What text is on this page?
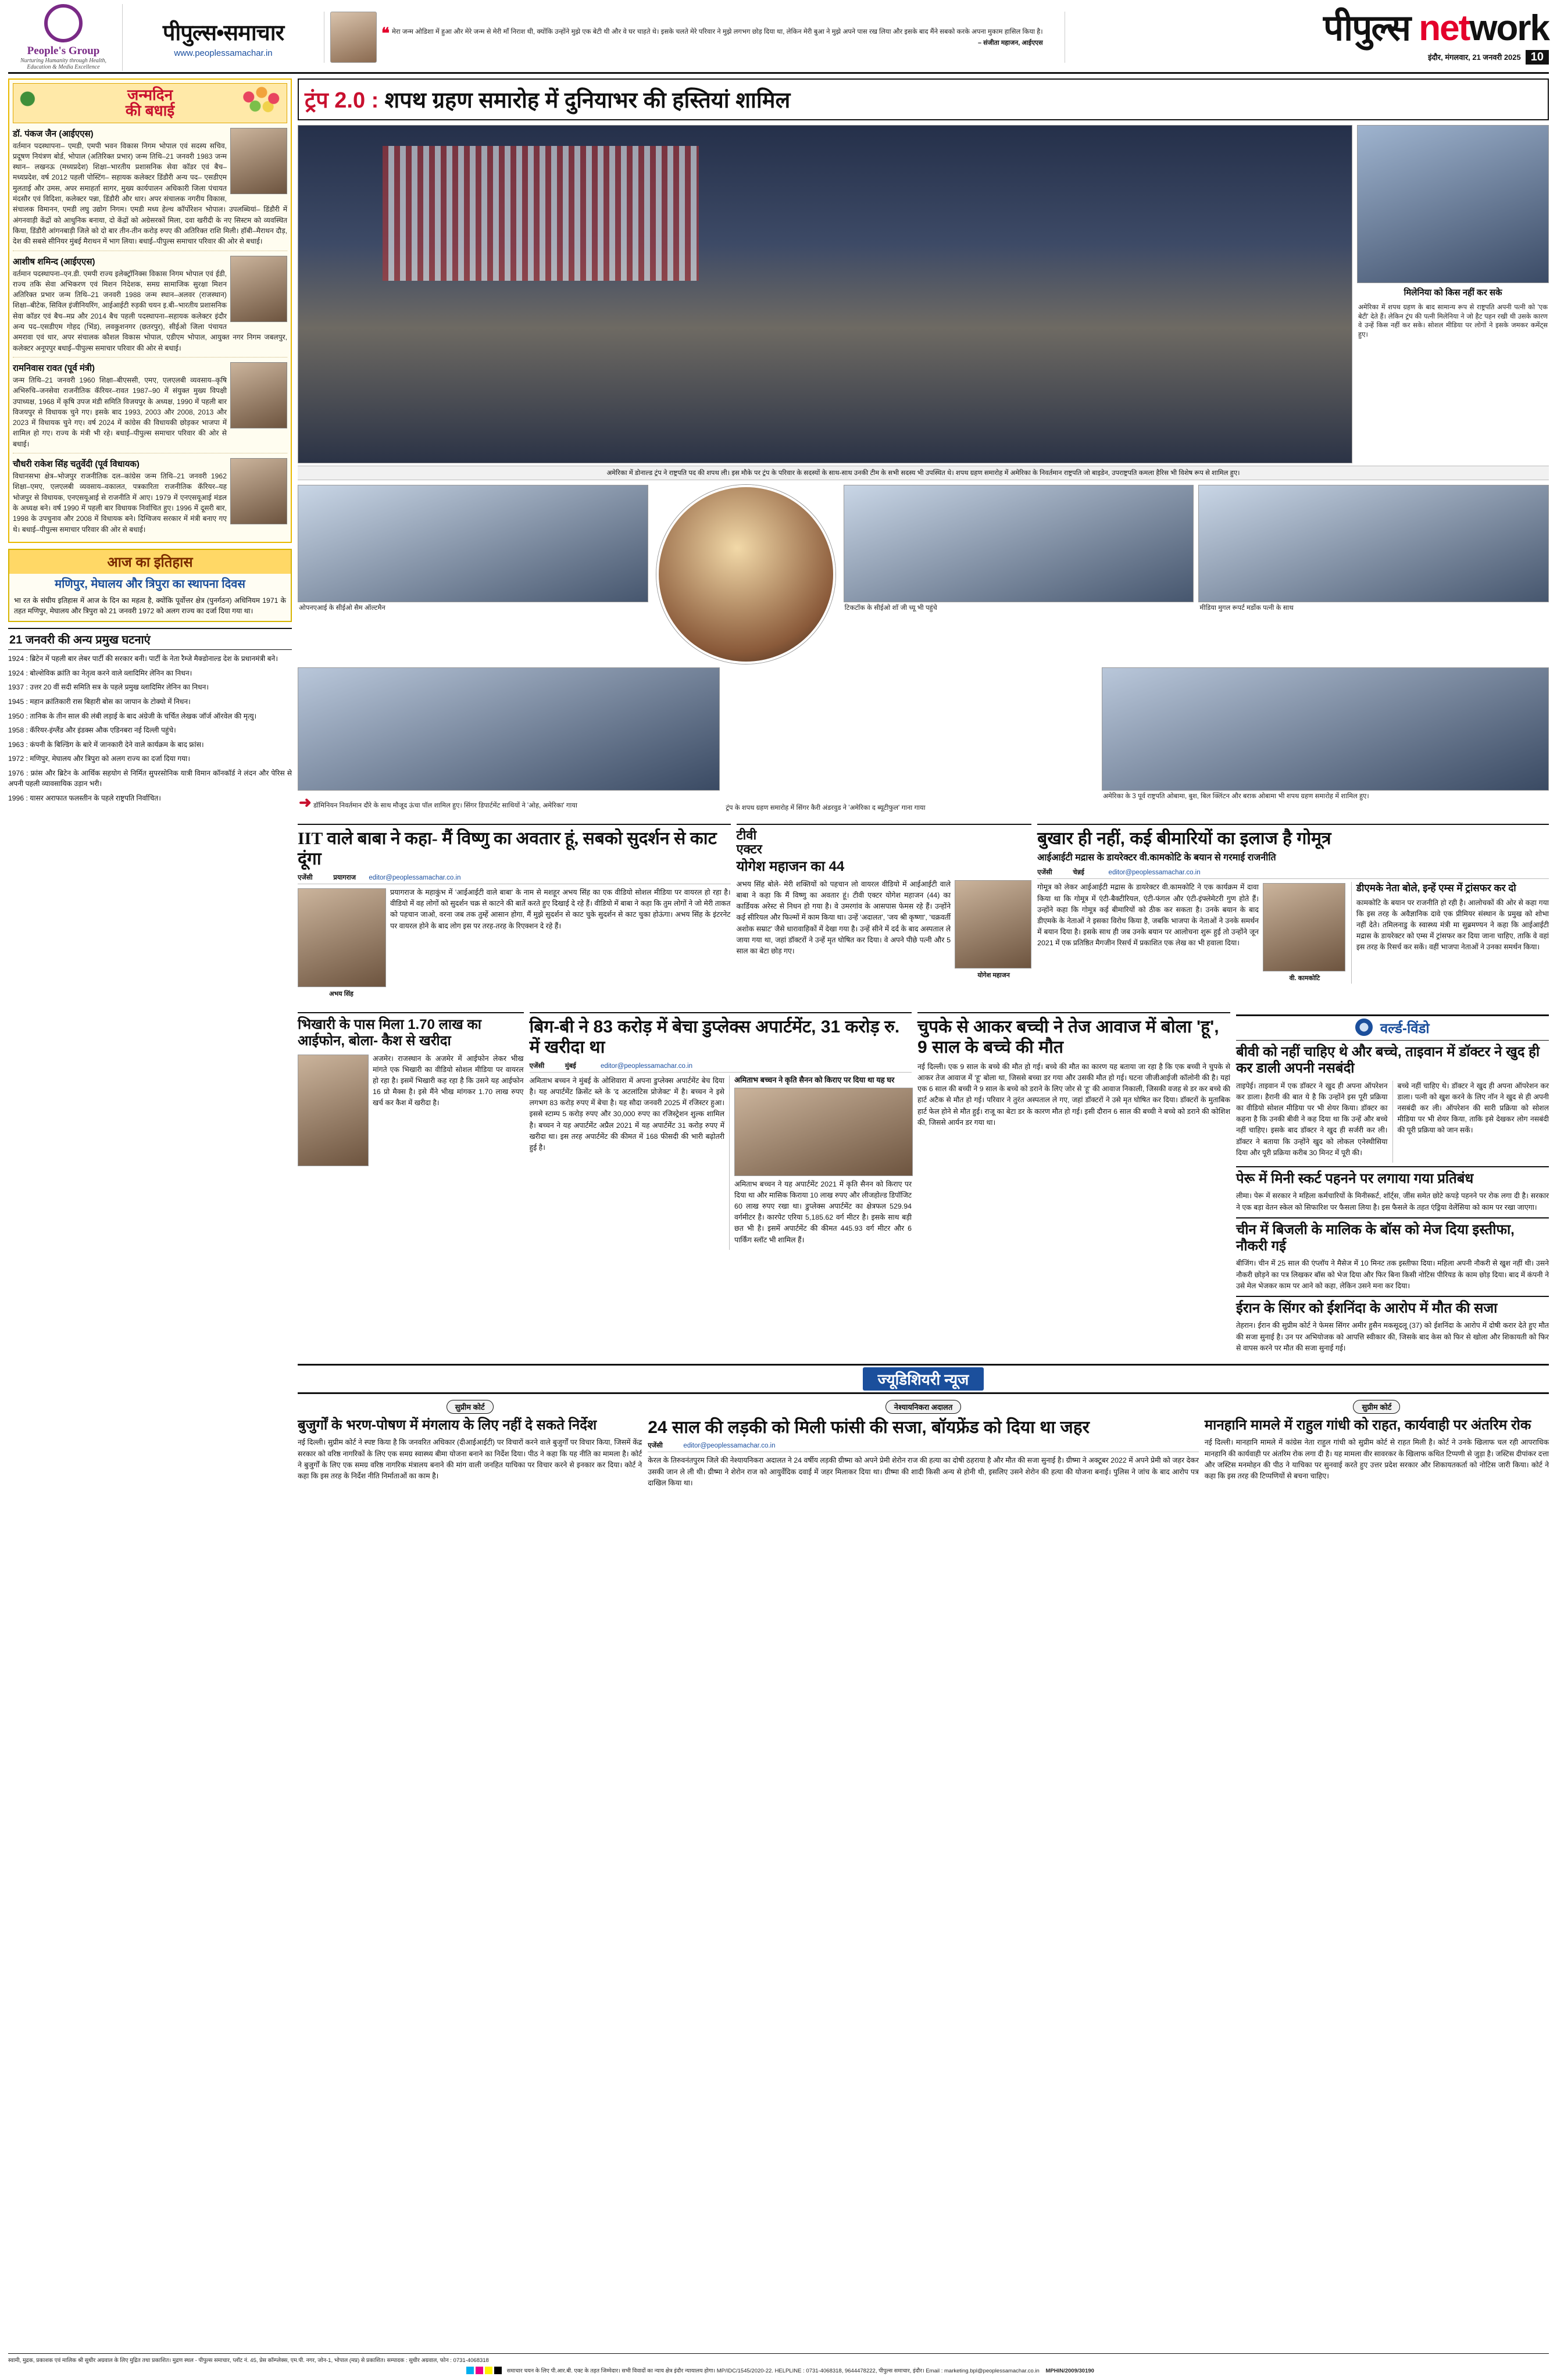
People's Group
Nurturing Humanity through Health, Education & Media Excellence
पीपुल्स•समाचार
www.peoplessamachar.in
❝ मेरा जन्म ओडिशा में हुआ और मेरे जन्म से मेरी माँ निराश थी, क्योंकि उन्होंने मुझे एक बेटी थी और वे घर चाहते थे। इसके चलते मेरे परिवार ने मुझे लगभग छोड़ दिया था, लेकिन मेरी बुआ ने मुझे अपने पास रख लिया और इसके बाद मैंने सबको करके अपना मुकाम हासिल किया है।
– संजीता महाजन, आईएएस	पीपुल्स network
इंदौर, मंगलवार, 21 जनवरी 2025 10
जन्मदिन
की बधाई
डॉ. पंकज जैन (आईएएस)
वर्तमान पदस्थापना– एमडी, एमपी भवन विकास निगम भोपाल एवं सदस्य सचिव, प्रदूषण नियंत्रण बोर्ड, भोपाल (अतिरिक्त प्रभार) जन्म तिथि–21 जनवरी 1983 जन्म स्थान– लखनऊ (मध्यप्रदेश) शिक्षा–भारतीय प्रशासनिक सेवा कॉडर एवं बैच–मध्यप्रदेश, वर्ष 2012 पहली पोस्टिंग– सहायक कलेक्टर डिंडौरी अन्य पद– एसडीएम मुलताई और उमस, अपर समाहर्ता सागर, मुख्य कार्यपालन अधिकारी जिला पंचायत मंदसौर एवं विदिशा, कलेक्टर पन्ना, डिंडौरी और धार। अपर संचालक नगरीय विकास, संचालक विमानन, एमडी लघु उद्योग निगम। एमडी मध्य हेल्थ कॉर्पोरेशन भोपाल। उपलब्धियां– डिंडौरी में अंगनवाड़ी केंद्रों को आधुनिक बनाया, दो केंद्रों को अग्रेसरकों मिला, दवा खरीदी के नए सिस्टम को व्यवस्थित किया, डिंडौरी आंगनबाड़ी जिले को दो बार तीन-तीन करोड़ रुपए की अतिरिक्त राशि मिली। हॉबी–मैराथन दौड़, देश की सबसे सीनियर मुंबई मैराथन में भाग लिया। बधाई–पीपुल्स समाचार परिवार की ओर से बधाई।
आशीष शमिन्द (आईएएस)
वर्तमान पदस्थापना–एन.डी. एमपी राज्य इलेक्ट्रॉनिक्स विकास निगम भोपाल एवं ईडी, राज्य तकि सेवा अभिकरण एवं मिशन निदेशक, समग्र सामाजिक सुरक्षा मिशन अतिरिक्त प्रभार जन्म तिथि–21 जनवरी 1988 जन्म स्थान–अलवर (राजस्थान) शिक्षा–बीटेक, सिविल इंजीनियरिंग, आईआईटी रुड़की चयन इ.बी–भारतीय प्रशासनिक सेवा कॉडर एवं बैच–मप्र और 2014 बैच पहली पदस्थापना–सहायक कलेक्टर इंदौर अन्य पद–एसडीएम गोहद (भिंड), लवकुशनगर (छतरपुर), सीईओ जिला पंचायत अमरावा एवं धार, अपर संचालक कौशल विकास भोपाल, एडीएम भोपाल, आयुक्त नगर निगम जबलपुर, कलेक्टर अनूपपुर बधाई–पीपुल्स समाचार परिवार की ओर से बधाई।
रामनिवास रावत (पूर्व मंत्री)
जन्म तिथि–21 जनवरी 1960 शिक्षा–बीएससी, एमए, एलएलबी व्यवसाय–कृषि अभिरुचि–जनसेवा राजनीतिक कॅरियर–रावत 1987–90 में संयुक्त मुख्य विपक्षी उपाध्यक्ष, 1968 में कृषि उपज मंडी समिति विजयपुर के अध्यक्ष, 1990 में पहली बार विजयपुर से विधायक चुने गए। इसके बाद 1993, 2003 और 2008, 2013 और 2023 में विधायक चुने गए। वर्ष 2024 में कांग्रेस की विधायकी छोड़कर भाजपा में शामिल हो गए। राज्य के मंत्री भी रहे। बधाई–पीपुल्स समाचार परिवार की ओर से बधाई।
चौधरी राकेश सिंह चतुर्वेदी (पूर्व विधायक)
विधानसभा क्षेत्र–भोजपुर राजनीतिक दल–कांग्रेस जन्म तिथि–21 जनवरी 1962 शिक्षा–एमए, एलएलबी व्यवसाय–वकालत, पत्रकारिता राजनीतिक कॅरियर–यह भोजपुर से विधायक, एनएसयूआई से राजनीति में आए। 1979 में एनएसयूआई मंडल के अध्यक्ष बने। वर्ष 1990 में पहली बार विधायक निर्वाचित हुए। 1996 में दूसरी बार, 1998 के उपचुनाव और 2008 में विधायक बने। दिग्विजय सरकार में मंत्री बनाए गए थे। बधाई–पीपुल्स समाचार परिवार की ओर से बधाई।
आज का इतिहास
मणिपुर, मेघालय और त्रिपुरा का स्थापना दिवस
भा रत के संघीय इतिहास में आज के दिन का महत्व है, क्योंकि पूर्वोत्तर क्षेत्र (पुनर्गठन) अधिनियम 1971 के तहत मणिपुर, मेघालय और त्रिपुरा को 21 जनवरी 1972 को अलग राज्य का दर्जा दिया गया था।
21 जनवरी की अन्य प्रमुख घटनाएं

1924 : ब्रिटेन में पहली बार लेबर पार्टी की सरकार बनी। पार्टी के नेता रैम्जे मैक्डोनाल्ड देश के प्रधानमंत्री बने।

1924 : बोल्शेविक क्रांति का नेतृत्व करने वाले व्लादिमिर लेनिन का निधन।

1937 : उत्तर 20 वीं सदी समिति सत्र के पहले प्रमुख व्लादिमिर लेनिन का निधन।

1945 : महान क्रांतिकारी रास बिहारी बोस का जापान के टोक्यो में निधन।

1950 : तानिक के तीन साल की लंबी लड़ाई के बाद अंग्रेजी के चर्चित लेखक जॉर्ज ऑरवेल की मृत्यु।

1958 : कॅरियर-इंग्लैंड और इंडक्स औक एडिनबरा नई दिल्ली पहुंचे।

1963 : कंपनी के बिल्डिंग के बारे में जानकारी देने वाले कार्यक्रम के बाद फ्रांस।

1972 : मणिपुर, मेघालय और त्रिपुरा को अलग राज्य का दर्जा दिया गया।

1976 : फ्रांस और ब्रिटेन के आर्थिक सहयोग से निर्मित सुपरसोनिक यात्री विमान कॉनकॉर्ड ने लंदन और पेरिस से अपनी पहली व्यावसायिक उड़ान भरी।

1996 : यासर अराफात फलस्तीन के पहले राष्ट्रपति निर्वाचित।

ट्रंप 2.0 : शपथ ग्रहण समारोह में दुनियाभर की हस्तियां शामिल
मिलेनिया को किस नहीं कर सके
अमेरिका में शपथ ग्रहण के बाद सामान्य रूप से राष्ट्रपति अपनी पत्नी को 'एक बेटी' देते हैं। लेकिन ट्रंप की पत्नी मिलेनिया ने जो हैट पहन रखी थी उसके कारण वे उन्हें किस नहीं कर सके। सोशल मीडिया पर लोगों ने इसके जमकर कमेंट्स हुए।
अमेरिका में डोनाल्ड ट्रंप ने राष्ट्रपति पद की शपथ ली। इस मौके पर ट्रंप के परिवार के सदस्यों के साथ-साथ उनकी टीम के सभी सदस्य भी उपस्थित थे। शपथ ग्रहण समारोह में अमेरिका के निवर्तमान राष्ट्रपति जो बाइडेन, उपराष्ट्रपति कमला हैरिस भी विशेष रूप से शामिल हुए।
ओपनएआई के सीईओ सैम ऑल्टमैन	टिकटॉक के सीईओ शॉ जी च्यू भी पहुंचे	मीडिया मुगल रूपर्ट मर्डोक पत्नी के साथ
➜ डॉमिनियन निवर्तमान दौरे के साथ मौजूद ऊंचा पॉल शामिल हुए। सिंगर डिपार्टमेंट साथियों ने 'ओह, अमेरिका' गाया	ट्रंप के शपथ ग्रहण समारोह में सिंगर कैरी अंडरवुड ने 'अमेरिका द ब्यूटीफुल' गाना गाया
अमेरिका के 3 पूर्व राष्ट्रपति ओबामा, बुश, बिल क्लिंटन और बराक ओबामा भी शपथ ग्रहण समारोह में शामिल हुए।
IIT वाले बाबा ने कहा- मैं विष्णु का अवतार हूं, सबको सुदर्शन से काट दूंगा
एजेंसी	प्रयागराज editor@peoplessamachar.co.in
अभय सिंह

प्रयागराज के महाकुंभ में 'आईआईटी वाले बाबा' के नाम से मशहूर अभय सिंह का एक वीडियो सोशल मीडिया पर वायरल हो रहा है। वीडियो में वह लोगों को सुदर्शन चक्र से काटने की बातें करते हुए दिखाई दे रहे हैं। वीडियो में बाबा ने कहा कि तुम लोगों ने जो मेरी ताकत को पहचान जाओ, वरना जब तक तुम्हें आसान होगा, मैं मुझे सुदर्शन से काट चुके सुदर्शन से काट चुका होऊंगा। अभय सिंह के इंटरनेट पर वायरल होने के बाद लोग इस पर तरह-तरह के रिएक्शन दे रहे हैं।

टीवी
एक्टर
योगेश महाजन का 44
योगेश महाजन

अभय सिंह बोले- मेरी शक्तियों को पहचान लो वायरल वीडियो में आईआईटी वाले बाबा ने कहा कि मैं विष्णु का अवतार हूं। टीवी एक्टर योगेश महाजन (44) का कार्डियक अरेस्ट से निधन हो गया है। वे उमरगांव के आसपास फेमस रहे हैं। उन्होंने कई सीरियल और फिल्मों में काम किया था। उन्हें 'अदालत', 'जय श्री कृष्णा', 'चक्रवर्ती अशोक सम्राट' जैसे धारावाहिकों में देखा गया है। उन्हें सीने में दर्द के बाद अस्पताल ले जाया गया था, जहां डॉक्टरों ने उन्हें मृत घोषित कर दिया। वे अपने पीछे पत्नी और 5 साल का बेटा छोड़ गए।

बुखार ही नहीं, कई बीमारियों का इलाज है गोमूत्र
आईआईटी मद्रास के डायरेक्टर वी.कामकोटि के बयान से गरमाई राजनीति
एजेंसी	चेन्नई	editor@peoplessamachar.co.in
वी. कामकोटि

गोमूत्र को लेकर आईआईटी मद्रास के डायरेक्टर वी.कामकोटि ने एक कार्यक्रम में दावा किया था कि गोमूत्र में एंटी-बैक्टीरियल, एंटी-फंगल और एंटी-इंफ्लेमेटरी गुण होते हैं। उन्होंने कहा कि गोमूत्र कई बीमारियों को ठीक कर सकता है। उनके बयान के बाद डीएमके के नेताओं ने इसका विरोध किया है, जबकि भाजपा के नेताओं ने उनके समर्थन में बयान दिया है। इसके साथ ही जब उनके बयान पर आलोचना शुरू हुई तो उन्होंने जून 2021 में एक प्रतिष्ठित मैगजीन रिसर्च में प्रकाशित एक लेख का भी हवाला दिया।

डीएमके नेता बोले, इन्हें एम्स में ट्रांसफर कर दो

कामकोटि के बयान पर राजनीति हो रही है। आलोचकों की ओर से कहा गया कि इस तरह के अवैज्ञानिक दावे एक प्रीमियर संस्थान के प्रमुख को शोभा नहीं देते। तमिलनाडु के स्वास्थ्य मंत्री मा सुब्रमण्यन ने कहा कि आईआईटी मद्रास के डायरेक्टर को एम्स में ट्रांसफर कर दिया जाना चाहिए, ताकि वे वहां इस तरह के रिसर्च कर सकें। वहीं भाजपा नेताओं ने उनका समर्थन किया।

भिखारी के पास मिला 1.70 लाख का आईफोन, बोला- कैश से खरीदा

अजमेर। राजस्थान के अजमेर में आईफोन लेकर भीख मांगते एक भिखारी का वीडियो सोशल मीडिया पर वायरल हो रहा है। इसमें भिखारी कह रहा है कि उसने यह आईफोन 16 प्रो मैक्स है। इसे मैंने भीख मांगकर 1.70 लाख रुपए खर्च कर कैश में खरीदा है।

बिग-बी ने 83 करोड़ में बेचा डुप्लेक्स अपार्टमेंट, 31 करोड़ रु. में खरीदा था
एजेंसी	मुंबई	editor@peoplessamachar.co.in

अमिताभ बच्चन ने मुंबई के ओशिवारा में अपना डुप्लेक्स अपार्टमेंट बेच दिया है। यह अपार्टमेंट क्रिसेंट ब्ले के 'द अटलांटिस प्रोजेक्ट' में है। बच्चन ने इसे लगभग 83 करोड़ रुपए में बेचा है। यह सौदा जनवरी 2025 में रजिस्टर हुआ। इससे स्टाम्प 5 करोड़ रुपए और 30,000 रुपए का रजिस्ट्रेशन शुल्क शामिल है। बच्चन ने यह अपार्टमेंट अप्रैल 2021 में यह अपार्टमेंट 31 करोड़ रुपए में खरीदा था। इस तरह अपार्टमेंट की कीमत में 168 फीसदी की भारी बढ़ोतरी हुई है।

अमिताभ बच्चन ने कृति सैनन को किराए पर दिया था यह घर

अमिताभ बच्चन ने यह अपार्टमेंट 2021 में कृति सैनन को किराए पर दिया था और मासिक किराया 10 लाख रुपए और लीजहोल्ड डिपॉजिट 60 लाख रुपए रखा था। डुप्लेक्स अपार्टमेंट का क्षेत्रफल 529.94 वर्गमीटर है। कारपेट एरिया 5,185.62 वर्ग मीटर है। इसके साथ बड़ी छत भी है। इसमें अपार्टमेंट की कीमत 445.93 वर्ग मीटर और 6 पार्किंग स्लॉट भी शामिल हैं।

चुपके से आकर बच्ची ने तेज आवाज में बोला 'हू', 9 साल के बच्चे की मौत

नई दिल्ली। एक 9 साल के बच्चे की मौत हो गई। बच्चे की मौत का कारण यह बताया जा रहा है कि एक बच्ची ने चुपके से आकर तेज आवाज में 'हू' बोला था, जिससे बच्चा डर गया और उसकी मौत हो गई। घटना जीजीआईजी कॉलोनी की है। यहां एक 6 साल की बच्ची ने 9 साल के बच्चे को डराने के लिए जोर से 'हू' की आवाज निकाली, जिसकी वजह से डर कर बच्चे की हार्ट अटैक से मौत हो गई। परिवार ने तुरंत अस्पताल ले गए, जहां डॉक्टरों ने उसे मृत घोषित कर दिया। डॉक्टरों के मुताबिक हार्ट फेल होने से मौत हुई। राजू का बेटा डर के कारण मौत हो गई। इसी दौरान 6 साल की बच्ची ने बच्चे को डराने की कोशिश की, जिससे आर्यन डर गया था।

वर्ल्ड-विंडो
बीवी को नहीं चाहिए थे और बच्चे, ताइवान में डॉक्टर ने खुद ही कर डाली अपनी नसबंदी

ताइपेई। ताइवान में एक डॉक्टर ने खुद ही अपना ऑपरेशन कर डाला। हैरानी की बात ये है कि उन्होंने इस पूरी प्रक्रिया का वीडियो सोशल मीडिया पर भी शेयर किया। डॉक्टर का कहना है कि उनकी बीवी ने कह दिया था कि उन्हें और बच्चे नहीं चाहिए। इसके बाद डॉक्टर ने खुद ही सर्जरी कर ली। डॉक्टर ने बताया कि उन्होंने खुद को लोकल एनेस्थीसिया दिया और पूरी प्रक्रिया करीब 30 मिनट में पूरी की।

बच्चे नहीं चाहिए थे। डॉक्टर ने खुद ही अपना ऑपरेशन कर डाला। पत्नी को खुश करने के लिए नाॅन ने खुद से ही अपनी नसबंदी कर ली। ऑपरेशन की सारी प्रक्रिया को सोशल मीडिया पर भी शेयर किया, ताकि इसे देखकर लोग नसबंदी की पूरी प्रक्रिया को जान सकें।

पेरू में मिनी स्कर्ट पहनने पर लगाया गया प्रतिबंध

लीमा। पेरू में सरकार ने महिला कर्मचारियों के मिनीस्कर्ट, शॉर्ट्स, जींस समेत छोटे कपड़े पहनने पर रोक लगा दी है। सरकार ने एक बड़ा वेतन स्केल को सिफारिश पर फैसला लिया है। इस फैसले के तहत एंड्रिया वेलेंसिया को काम पर रखा जाएगा।

चीन में बिजली के मालिक के बॉस को मेज दिया इस्तीफा, नौकरी गई

बीजिंग। चीन में 25 साल की एंप्लॉय ने मैसेज में 10 मिनट तक इस्तीफा दिया। महिला अपनी नौकरी से खुश नहीं थी। उसने नौकरी छोड़ने का पत्र लिखकर बॉस को भेज दिया और फिर बिना किसी नोटिस पीरियड के काम छोड़ दिया। बाद में कंपनी ने उसे मेल भेजकर काम पर आने को कहा, लेकिन उसने मना कर दिया।

ईरान के सिंगर को ईशनिंदा के आरोप में मौत की सजा

तेहरान। ईरान की सुप्रीम कोर्ट ने फेमस सिंगर अमीर हुसैन मकसूदलू (37) को ईशनिंदा के आरोप में दोषी करार देते हुए मौत की सजा सुनाई है। उन पर अभियोजक को आपत्ति स्वीकार की, जिसके बाद केस को फिर से खोला और शिकायती को फिर से वापस करने पर मौत की सजा सुनाई गई।

ज्यूडिशियरी न्यूज
सुप्रीम कोर्ट
बुजुर्गों के भरण-पोषण में मंगलाय के लिए नहीं दे सकते निर्देश

नई दिल्ली। सुप्रीम कोर्ट ने स्पष्ट किया है कि जनवरित अधिकार (दीआईआईटी) पर विचारों करने वाले बुजुर्गों पर विचार किया, जिसमें केंद्र सरकार को वरिष्ठ नागरिकों के लिए एक समग्र स्वास्थ्य बीमा योजना बनाने का निर्देश दिया। पीठ ने कहा कि यह नीति का मामला है। कोर्ट ने बुजुर्गों के लिए एक समग्र वरिष्ठ नागरिक मंत्रालय बनाने की मांग वाली जनहित याचिका पर विचार करने से इनकार कर दिया। कोर्ट ने कहा कि इस तरह के निर्देश नीति निर्माताओं का काम है।

नेश्यायनिकरा अदालत
24 साल की लड़की को मिली फांसी की सजा, बॉयफ्रेंड को दिया था जहर
एजेंसी	editor@peoplessamachar.co.in

केरल के तिरुवनंतपुरम जिले की नेश्यायनिकरा अदालत ने 24 वर्षीय लड़की ग्रीष्मा को अपने प्रेमी शेरोन राज की हत्या का दोषी ठहराया है और मौत की सजा सुनाई है। ग्रीष्मा ने अक्टूबर 2022 में अपने प्रेमी को जहर देकर उसकी जान ले ली थी। ग्रीष्मा ने शेरोन राज को आयुर्वेदिक दवाई में जहर मिलाकर दिया था। ग्रीष्मा की शादी किसी अन्य से होनी थी, इसलिए उसने शेरोन की हत्या की योजना बनाई। पुलिस ने जांच के बाद आरोप पत्र दाखिल किया था।

सुप्रीम कोर्ट
मानहानि मामले में राहुल गांधी को राहत, कार्यवाही पर अंतरिम रोक

नई दिल्ली। मानहानि मामले में कांग्रेस नेता राहुल गांधी को सुप्रीम कोर्ट से राहत मिली है। कोर्ट ने उनके खिलाफ चल रही आपराधिक मानहानि की कार्यवाही पर अंतरिम रोक लगा दी है। यह मामला वीर सावरकर के खिलाफ कथित टिप्पणी से जुड़ा है। जस्टिस दीपांकर दत्ता और जस्टिस मनमोहन की पीठ ने याचिका पर सुनवाई करते हुए उत्तर प्रदेश सरकार और शिकायतकर्ता को नोटिस जारी किया। कोर्ट ने कहा कि इस तरह की टिप्पणियों से बचना चाहिए।

स्वामी, मुद्रक, प्रकाशक एवं मालिक श्री सुधीर अग्रवाल के लिए मुद्रित तथा प्रकाशित। मुद्रण स्थल - पीपुल्स समाचार, प्लॉट नं. 45, प्रेस कॉम्प्लेक्स, एम.पी. नगर, जोन-1, भोपाल (मप्र) से प्रकाशित। सम्पादक : सुधीर अग्रवाल, फोन : 0731-4068318
समाचार चयन के लिए पी.आर.बी. एक्ट के तहत जिम्मेदार। सभी विवादों का न्याय क्षेत्र इंदौर न्यायालय होगा। MP/IDC/1545/2020-22. HELPLINE : 0731-4068318, 9644478222, पीपुल्स समाचार, इंदौर। Email : marketing.bpl@peoplessamachar.co.in MPHIN/2009/30190
